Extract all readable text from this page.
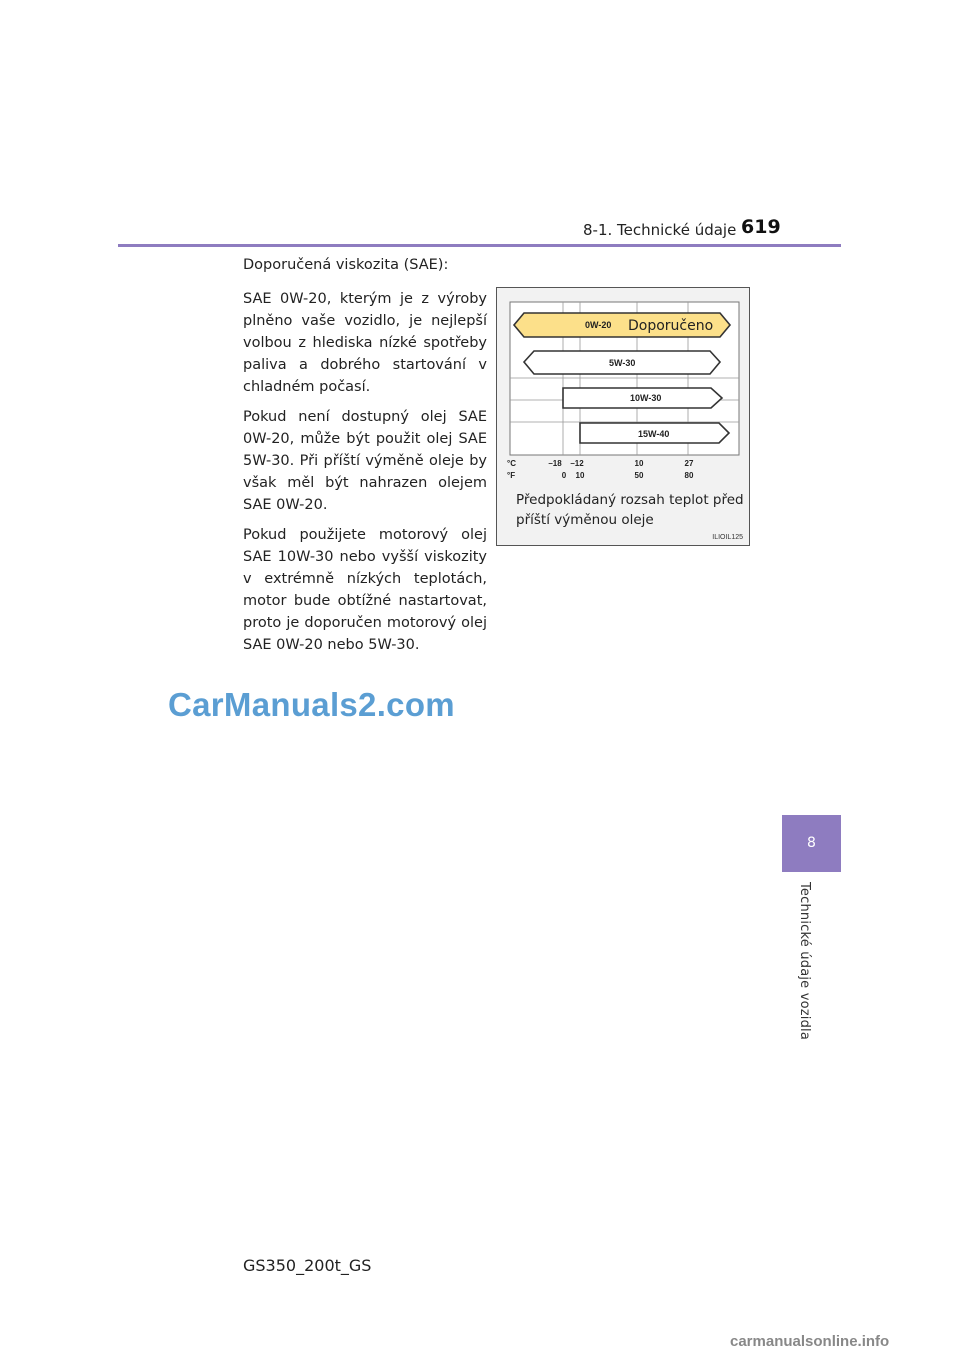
8-1. Technické údaje 619

Doporučená viskozita (SAE):

SAE 0W-20, kterým je z výroby plněno vaše vozidlo, je nejlepší volbou z hlediska nízké spotřeby paliva a dobrého startování v chladném počasí.

Pokud není dostupný olej SAE 0W-20, může být použit olej SAE 5W-30. Při příští výměně oleje by však měl být nahrazen olejem SAE 0W-20.

Pokud použijete motorový olej SAE 10W-30 nebo vyšší viskozity v extrémně nízkých teplotách, motor bude obtížné nastartovat, proto je doporučen motorový olej SAE 0W-20 nebo 5W-30.

0W-20 Doporučeno
5W-30
10W-30
15W-40
°C
°F
–18 –12	10	27
0 10	50	80
Předpokládaný rozsah teplot před příští výměnou oleje
ILIOIL125
CarManuals2.com
8
Technické údaje vozidla
GS350_200t_GS
carmanualsonline.info
